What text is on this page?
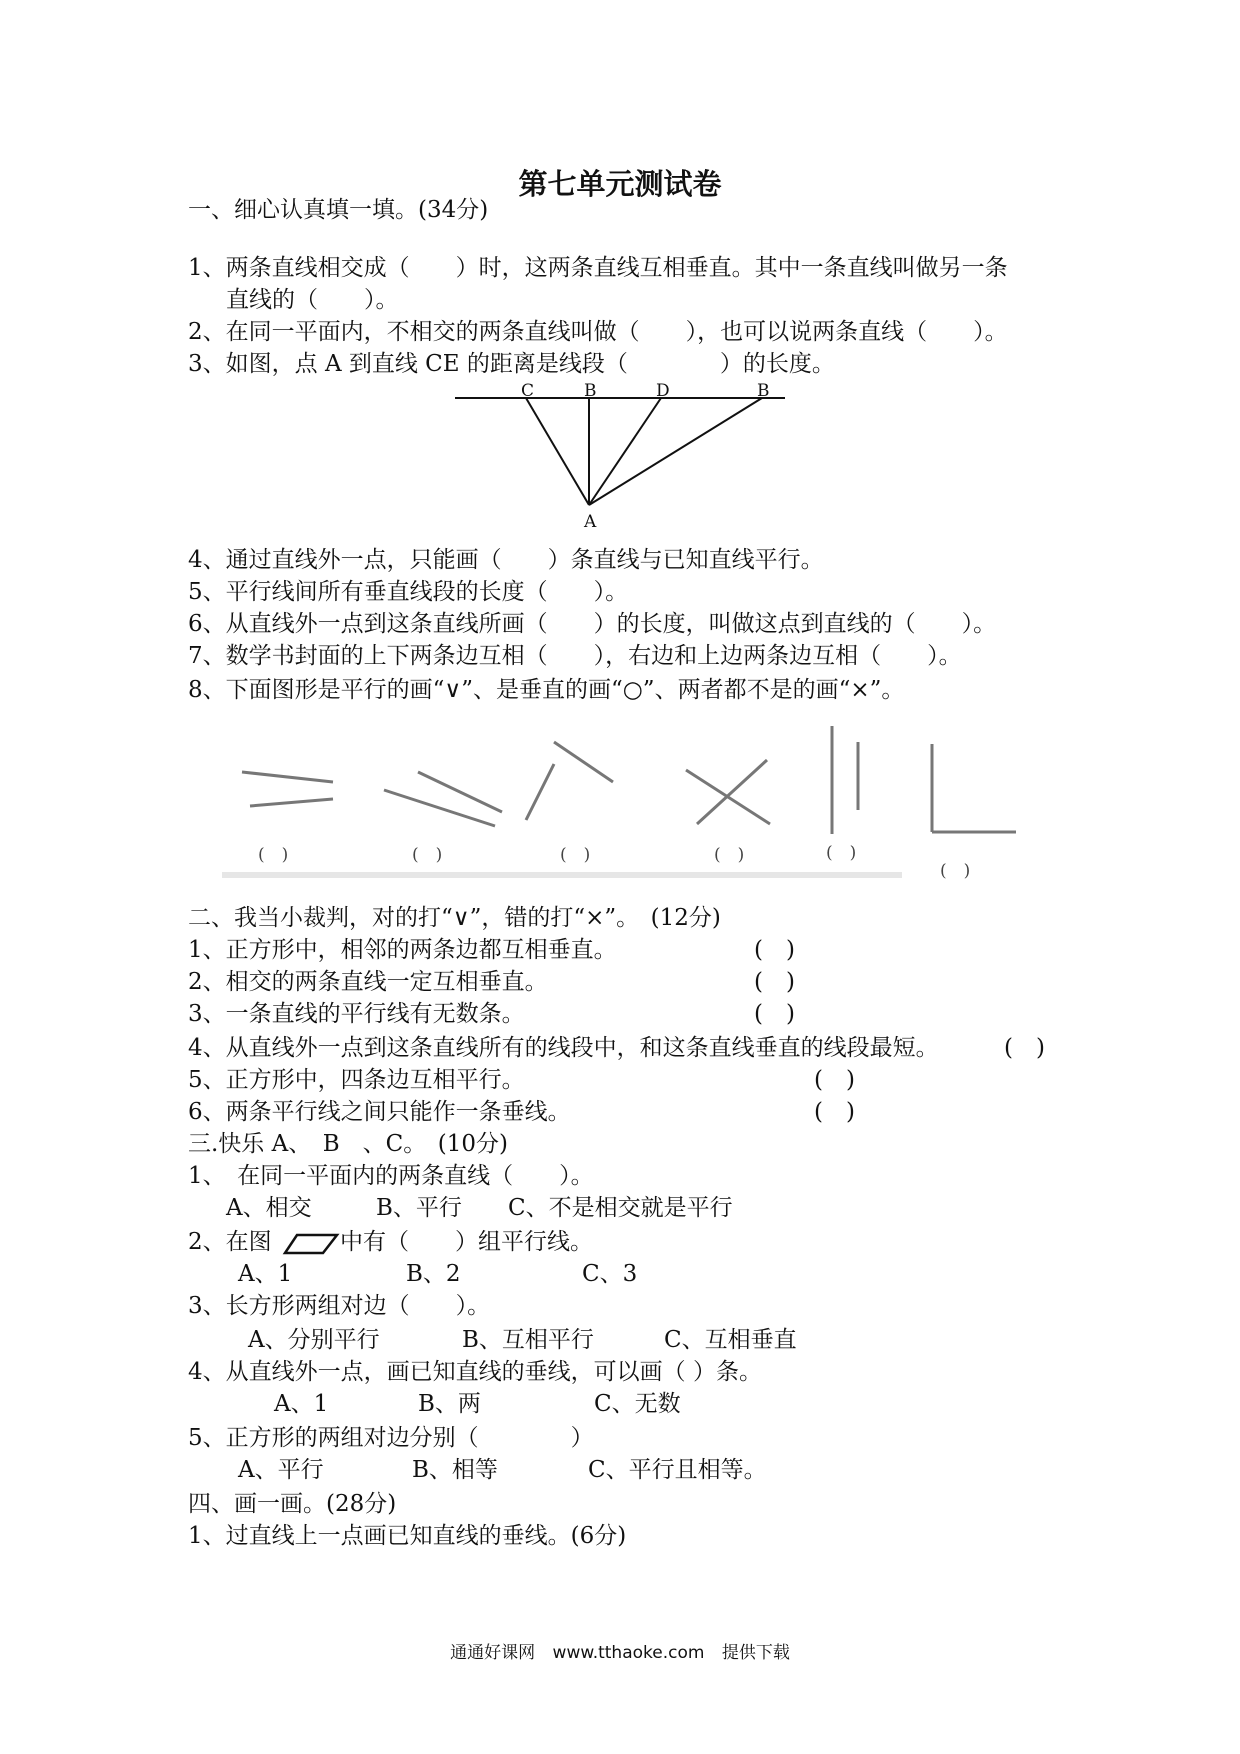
第七单元测试卷
一、细心认真填一填。(34分)
1、两条直线相交成（　　）时，这两条直线互相垂直。其中一条直线叫做另一条
直线的（　　）。
2、在同一平面内，不相交的两条直线叫做（　　），也可以说两条直线（　　）。
3、如图，点 A 到直线 CE 的距离是线段（　　　　）的长度。
C	B	D	B
A
4、通过直线外一点，只能画（　　）条直线与已知直线平行。
5、平行线间所有垂直线段的长度（　　）。
6、从直线外一点到这条直线所画（　　）的长度，叫做这点到直线的（　　）。
7、数学书封面的上下两条边互相（　　），右边和上边两条边互相（　　）。
8、下面图形是平行的画“∨”、是垂直的画“○”、两者都不是的画“×”。
(　)	(　)	(　)	(　)	(　)
(　)
二、我当小裁判，对的打“∨”，错的打“×”。　(12分)
1、正方形中，相邻的两条边都互相垂直。	(　)
2、相交的两条直线一定互相垂直。	(　)
3、一条直线的平行线有无数条。	(　)
4、从直线外一点到这条直线所有的线段中，和这条直线垂直的线段最短。	(　)
5、正方形中，四条边互相平行。	(　)
6、两条平行线之间只能作一条垂线。	(　)
三.快乐 A、　B　、C。　(10分)
1、　在同一平面内的两条直线（　　）。
A、相交	B、平行 C、不是相交就是平行
2、在图	中有（　　）组平行线。
A、1	B、2	C、3
3、长方形两组对边（　　）。
A、分别平行	B、互相平行	C、互相垂直
4、从直线外一点，画已知直线的垂线，可以画（ ）条。
A、1	B、两	C、无数
5、正方形的两组对边分别（　　　　）
A、平行	B、相等	C、平行且相等。
四、画一画。(28分)
1、过直线上一点画已知直线的垂线。(6分)
通通好课网 www.tthaoke.com 提供下载
